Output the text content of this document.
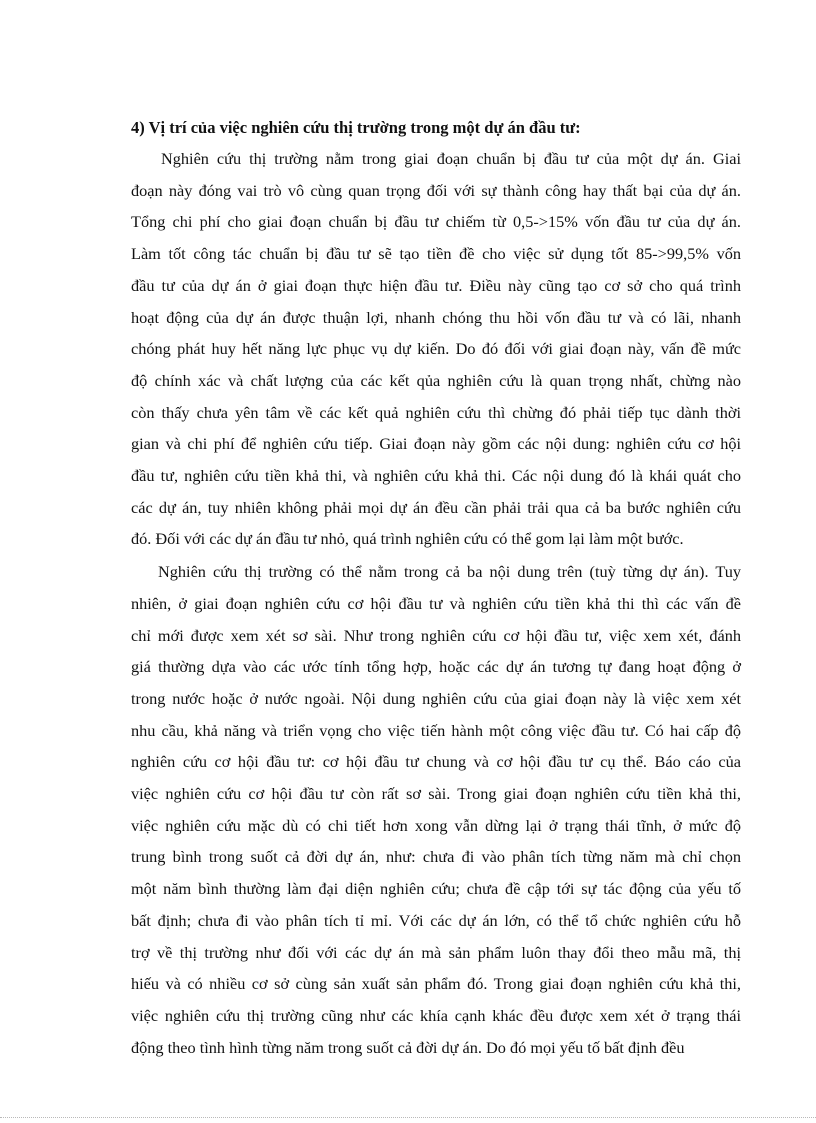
4) Vị trí của việc nghiên cứu thị trường trong một dự án đầu tư:

Nghiên cứu thị trường nằm trong giai đoạn chuẩn bị đầu tư của một dự án. Giai
đoạn này đóng vai trò vô cùng quan trọng đối với sự thành công hay thất bại của dự án.
Tổng chi phí cho giai đoạn chuẩn bị đầu tư chiếm từ 0,5->15% vốn đầu tư của dự án.
Làm tốt công tác chuẩn bị đầu tư sẽ tạo tiền đề cho việc sử dụng tốt 85->99,5% vốn
đầu tư của dự án ở giai đoạn thực hiện đầu tư. Điều này cũng tạo cơ sở cho quá trình
hoạt động của dự án được thuận lợi, nhanh chóng thu hồi vốn đầu tư và có lãi, nhanh
chóng phát huy hết năng lực phục vụ dự kiến. Do đó đối với giai đoạn này, vấn đề mức
độ chính xác và chất lượng của các kết qủa nghiên cứu là quan trọng nhất, chừng nào
còn thấy chưa yên tâm về các kết quả nghiên cứu thì chừng đó phải tiếp tục dành thời
gian và chi phí để nghiên cứu tiếp. Giai đoạn này gồm các nội dung: nghiên cứu cơ hội
đầu tư, nghiên cứu tiền khả thi, và nghiên cứu khả thi. Các nội dung đó là khái quát cho
các dự án, tuy nhiên không phải mọi dự án đều cần phải trải qua cả ba bước nghiên cứu
đó. Đối với các dự án đầu tư nhỏ, quá trình nghiên cứu có thể gom lại làm một bước.

Nghiên cứu thị trường có thể nằm trong cả ba nội dung trên (tuỳ từng dự án). Tuy
nhiên, ở giai đoạn nghiên cứu cơ hội đầu tư và nghiên cứu tiền khả thi thì các vấn đề
chỉ mới được xem xét sơ sài. Như trong nghiên cứu cơ hội đầu tư, việc xem xét, đánh
giá thường dựa vào các ước tính tổng hợp, hoặc các dự án tương tự đang hoạt động ở
trong nước hoặc ở nước ngoài. Nội dung nghiên cứu của giai đoạn này là việc xem xét
nhu cầu, khả năng và triển vọng cho việc tiến hành một công việc đầu tư. Có hai cấp độ
nghiên cứu cơ hội đầu tư: cơ hội đầu tư chung và cơ hội đầu tư cụ thể. Báo cáo của
việc nghiên cứu cơ hội đầu tư còn rất sơ sài. Trong giai đoạn nghiên cứu tiền khả thi,
việc nghiên cứu mặc dù có chi tiết hơn xong vẫn dừng lại ở trạng thái tĩnh, ở mức độ
trung bình trong suốt cả đời dự án, như: chưa đi vào phân tích từng năm mà chỉ chọn
một năm bình thường làm đại diện nghiên cứu; chưa đề cập tới sự tác động của yếu tố
bất định; chưa đi vào phân tích tỉ mỉ. Với các dự án lớn, có thể tổ chức nghiên cứu hỗ
trợ về thị trường như đối với các dự án mà sản phẩm luôn thay đổi theo mẫu mã, thị
hiếu và có nhiều cơ sở cùng sản xuất sản phẩm đó. Trong giai đoạn nghiên cứu khả thi,
việc nghiên cứu thị trường cũng như các khía cạnh khác đều được xem xét ở trạng thái
động theo tình hình từng năm trong suốt cả đời dự án. Do đó mọi yếu tố bất định đều
